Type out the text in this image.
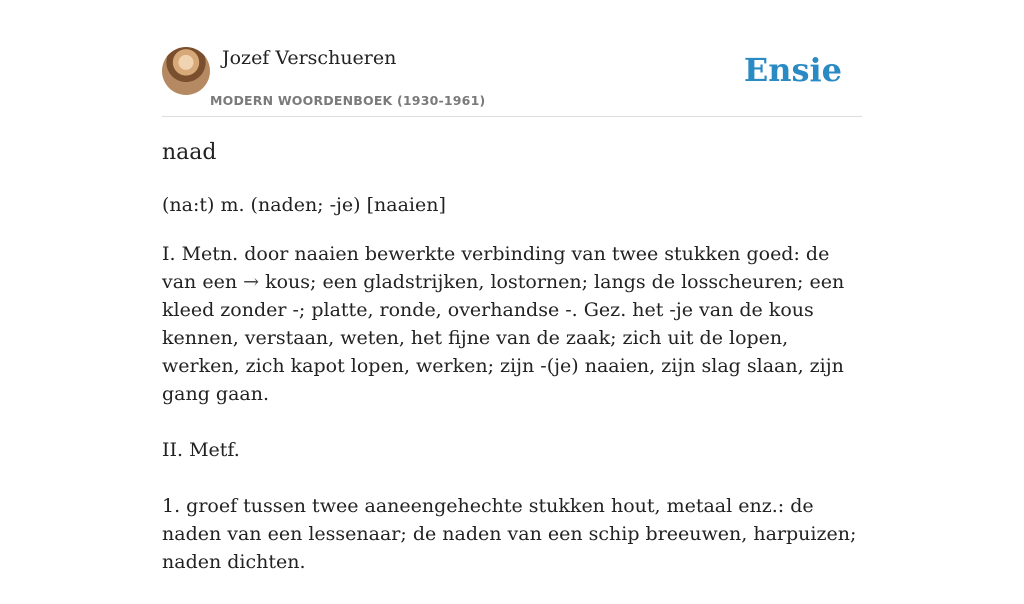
Jozef Verschueren
MODERN WOORDENBOEK (1930-1961)
Ensie
naad
(na:t) m. (naden; -je) [naaien]

I. Metn. door naaien bewerkte verbinding van twee stukken goed: de van een → kous; een gladstrijken, lostornen; langs de losscheuren; een kleed zonder -; platte, ronde, overhandse -. Gez. het -je van de kous kennen, verstaan, weten, het fijne van de zaak; zich uit de lopen, werken, zich kapot lopen, werken; zijn -(je) naaien, zijn slag slaan, zijn gang gaan.

II. Metf.

1. groef tussen twee aaneengehechte stukken hout, metaal enz.: de naden van een lessenaar; de naden van een schip breeuwen, harpuizen; naden dichten.
